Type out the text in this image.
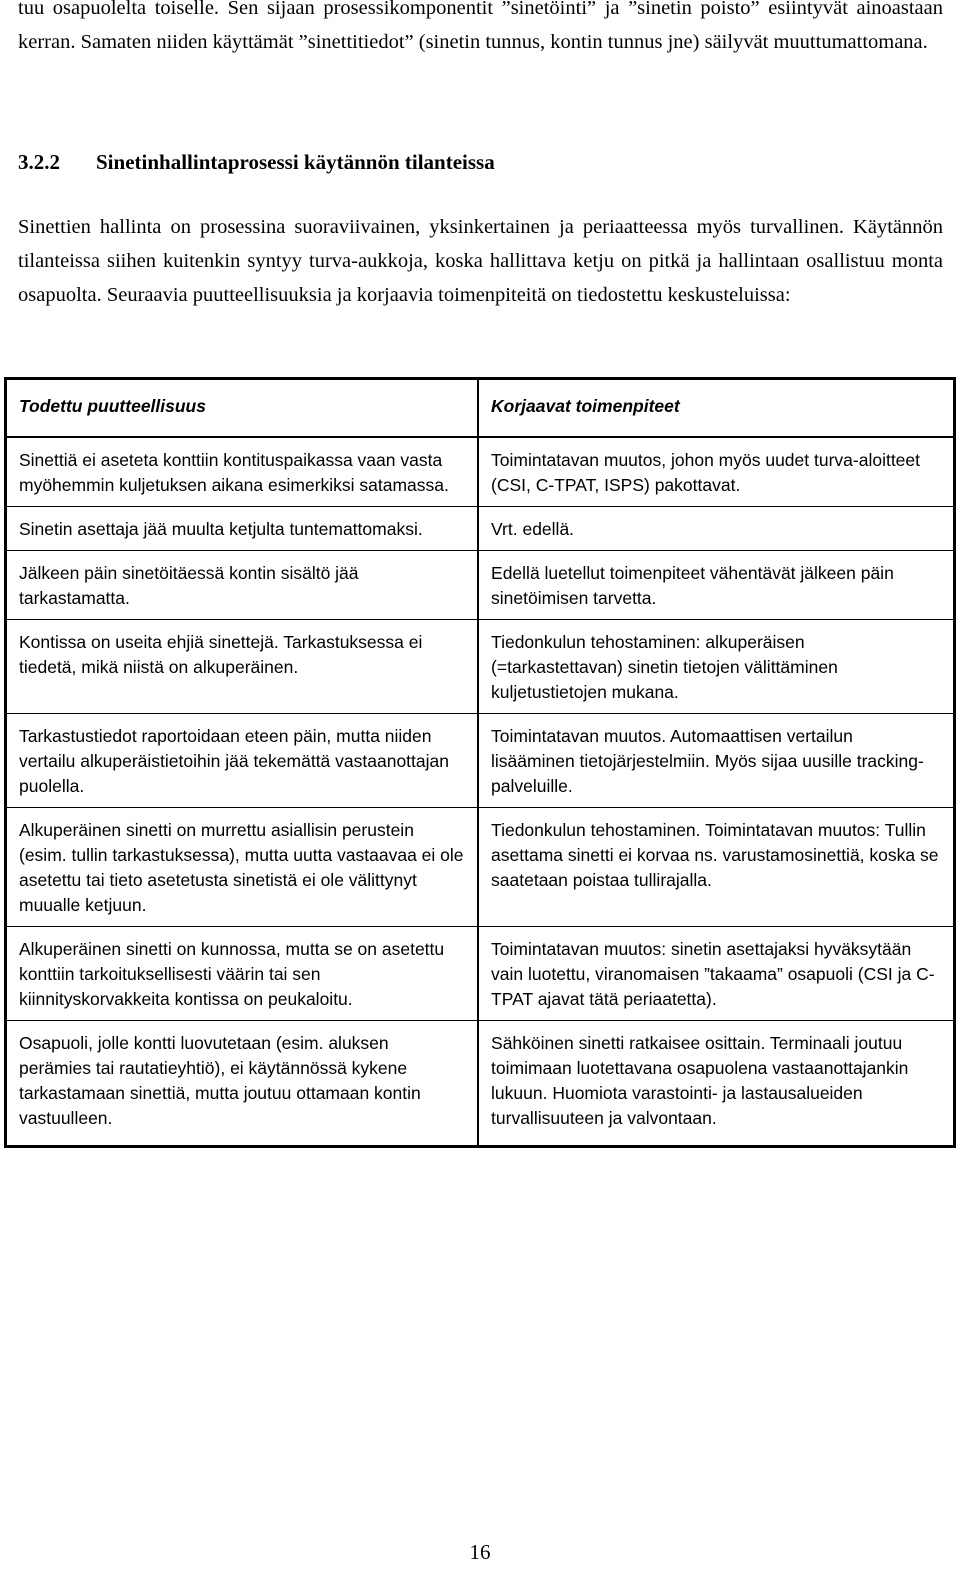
tuu osapuolelta toiselle. Sen sijaan prosessikomponentit ”sinetöinti” ja ”sinetin poisto” esiintyvät ainoastaan kerran. Samaten niiden käyttämät ”sinettitiedot” (sinetin tunnus, kontin tunnus jne) säilyvät muuttumattomana.

3.2.2 Sinetinhallintaprosessi käytännön tilanteissa

Sinettien hallinta on prosessina suoraviivainen, yksinkertainen ja periaatteessa myös turvallinen. Käytännön tilanteissa siihen kuitenkin syntyy turva-aukkoja, koska hallittava ketju on pitkä ja hallintaan osallistuu monta osapuolta. Seuraavia puutteellisuuksia ja korjaavia toimenpiteitä on tiedostettu keskusteluissa:

Todettu puutteellisuus	Korjaavat toimenpiteet
Sinettiä ei aseteta konttiin kontituspaikassa vaan vasta myöhemmin kuljetuksen aikana esimerkiksi satamassa.	Toimintatavan muutos, johon myös uudet turva-aloitteet (CSI, C-TPAT, ISPS) pakottavat.
Sinetin asettaja jää muulta ketjulta tuntemattomaksi.	Vrt. edellä.
Jälkeen päin sinetöitäessä kontin sisältö jää tarkastamatta.	Edellä luetellut toimenpiteet vähentävät jälkeen päin sinetöimisen tarvetta.
Kontissa on useita ehjiä sinettejä. Tarkastuksessa ei tiedetä, mikä niistä on alkuperäinen.	Tiedonkulun tehostaminen: alkuperäisen (=tarkastettavan) sinetin tietojen välittäminen kuljetustietojen mukana.
Tarkastustiedot raportoidaan eteen päin, mutta niiden vertailu alkuperäistietoihin jää tekemättä vastaanottajan puolella.	Toimintatavan muutos. Automaattisen vertailun lisääminen tietojärjestelmiin. Myös sijaa uusille tracking-palveluille.
Alkuperäinen sinetti on murrettu asiallisin perustein (esim. tullin tarkastuksessa), mutta uutta vastaavaa ei ole asetettu tai tieto asetetusta sinetistä ei ole välittynyt muualle ketjuun.	Tiedonkulun tehostaminen. Toimintatavan muutos: Tullin asettama sinetti ei korvaa ns. varustamosinettiä, koska se saatetaan poistaa tullirajalla.
Alkuperäinen sinetti on kunnossa, mutta se on asetettu konttiin tarkoituksellisesti väärin tai sen kiinnityskorvakkeita kontissa on peukaloitu.	Toimintatavan muutos: sinetin asettajaksi hyväksytään vain luotettu, viranomaisen ”takaama” osapuoli (CSI ja C-TPAT ajavat tätä periaatetta).
Osapuoli, jolle kontti luovutetaan (esim. aluksen perämies tai rautatieyhtiö), ei käytännössä kykene tarkastamaan sinettiä, mutta joutuu ottamaan kontin vastuulleen.	Sähköinen sinetti ratkaisee osittain. Terminaali joutuu toimimaan luotettavana osapuolena vastaanottajankin lukuun. Huomiota varastointi- ja lastausalueiden turvallisuuteen ja valvontaan.
16
